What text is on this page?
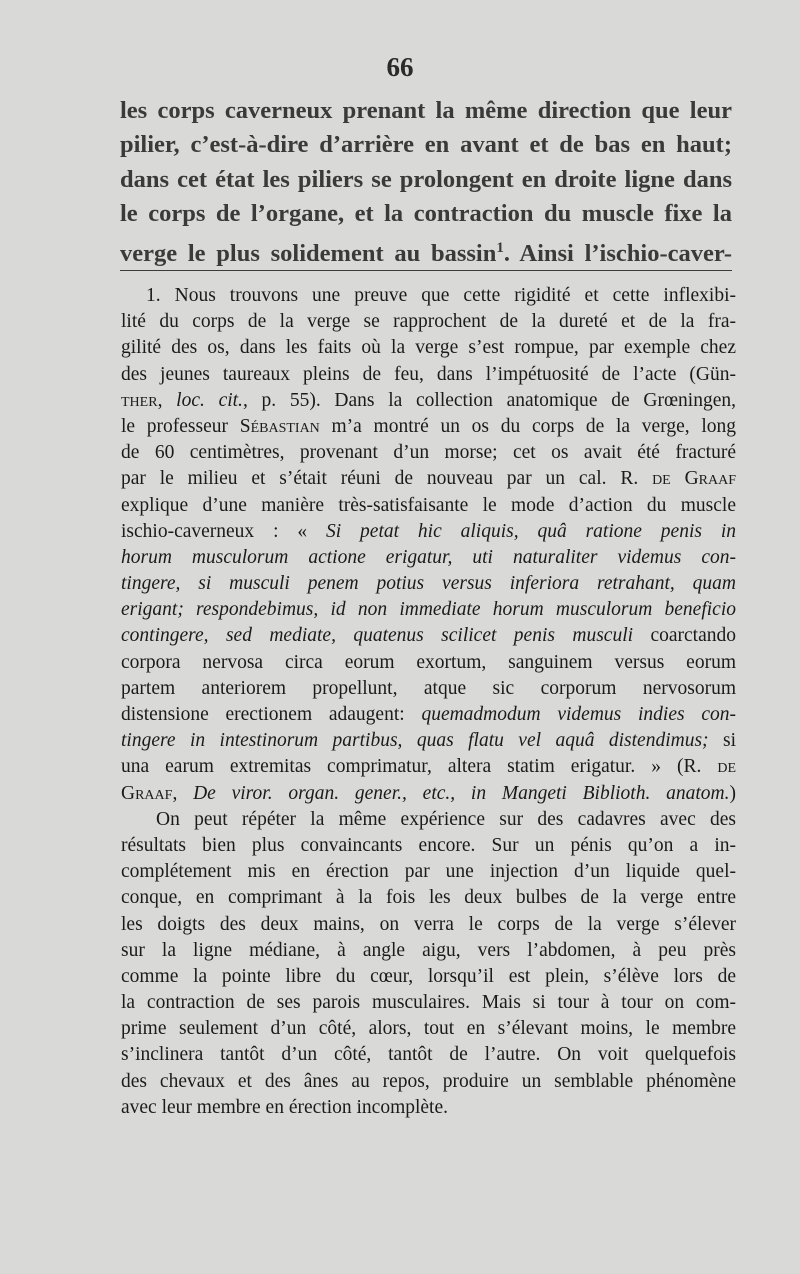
66
les corps caverneux prenant la même direction que leur
pilier, c’est-à-dire d’arrière en avant et de bas en haut;
dans cet état les piliers se prolongent en droite ligne dans
le corps de l’organe, et la contraction du muscle fixe la
verge le plus solidement au bassin$^1$. Ainsi l’ischio-caver-
1. Nous trouvons une preuve que cette rigidité et cette inflexibi-
lité du corps de la verge se rapprochent de la dureté et de la fra-
gilité des os, dans les faits où la verge s’est rompue, par exemple chez
des jeunes taureaux pleins de feu, dans l’impétuosité de l’acte (Gün-
ther, loc. cit., p. 55). Dans la collection anatomique de Grœningen,
le professeur Sébastian m’a montré un os du corps de la verge, long
de 60 centimètres, provenant d’un morse; cet os avait été fracturé
par le milieu et s’était réuni de nouveau par un cal. R. de Graaf
explique d’une manière très-satisfaisante le mode d’action du muscle
ischio-caverneux : « Si petat hic aliquis, quâ ratione penis in
horum musculorum actione erigatur, uti naturaliter videmus con-
tingere, si musculi penem potius versus inferiora retrahant, quam
erigant; respondebimus, id non immediate horum musculorum beneficio
contingere, sed mediate, quatenus scilicet penis musculi coarctando
corpora nervosa circa eorum exortum, sanguinem versus eorum
partem anteriorem propellunt, atque sic corporum nervosorum
distensione erectionem adaugent: quemadmodum videmus indies con-
tingere in intestinorum partibus, quas flatu vel aquâ distendimus; si
una earum extremitas comprimatur, altera statim erigatur. » (R. de
Graaf, De viror. organ. gener., etc., in Mangeti Biblioth. anatom.)
On peut répéter la même expérience sur des cadavres avec des
résultats bien plus convaincants encore. Sur un pénis qu’on a in-
complétement mis en érection par une injection d’un liquide quel-
conque, en comprimant à la fois les deux bulbes de la verge entre
les doigts des deux mains, on verra le corps de la verge s’élever
sur la ligne médiane, à angle aigu, vers l’abdomen, à peu près
comme la pointe libre du cœur, lorsqu’il est plein, s’élève lors de
la contraction de ses parois musculaires. Mais si tour à tour on com-
prime seulement d’un côté, alors, tout en s’élevant moins, le membre
s’inclinera tantôt d’un côté, tantôt de l’autre. On voit quelquefois
des chevaux et des ânes au repos, produire un semblable phénomène
avec leur membre en érection incomplète.
